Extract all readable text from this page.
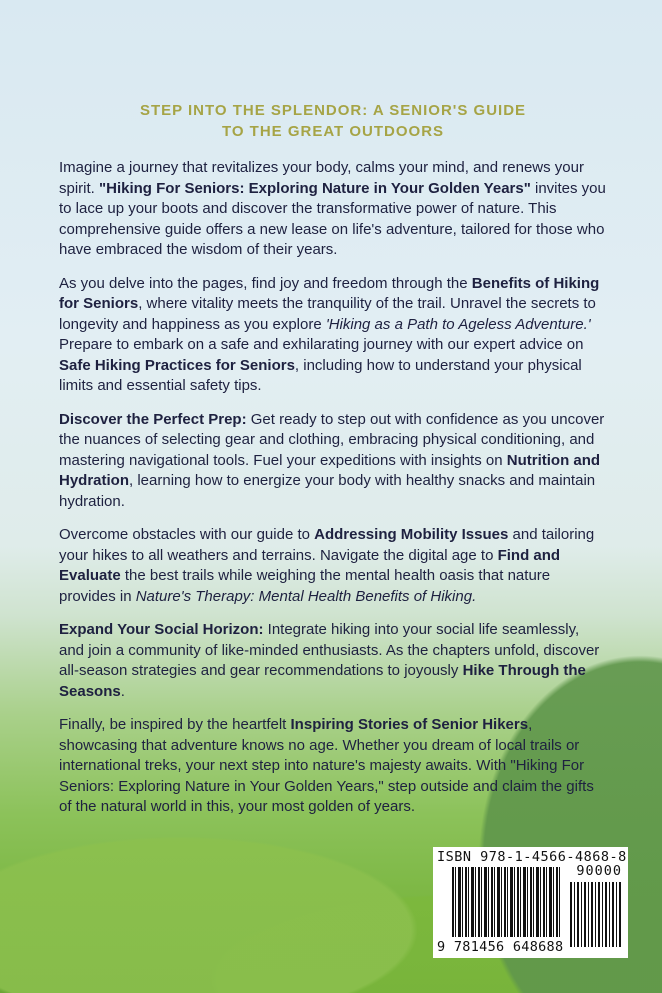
STEP INTO THE SPLENDOR: A SENIOR'S GUIDE
TO THE GREAT OUTDOORS

Imagine a journey that revitalizes your body, calms your mind, and renews your spirit. "Hiking For Seniors: Exploring Nature in Your Golden Years" invites you to lace up your boots and discover the transformative power of nature. This comprehensive guide offers a new lease on life's adventure, tailored for those who have embraced the wisdom of their years.

As you delve into the pages, find joy and freedom through the Benefits of Hiking for Seniors, where vitality meets the tranquility of the trail. Unravel the secrets to longevity and happiness as you explore 'Hiking as a Path to Ageless Adventure.' Prepare to embark on a safe and exhilarating journey with our expert advice on Safe Hiking Practices for Seniors, including how to understand your physical limits and essential safety tips.

Discover the Perfect Prep: Get ready to step out with confidence as you uncover the nuances of selecting gear and clothing, embracing physical conditioning, and mastering navigational tools. Fuel your expeditions with insights on Nutrition and Hydration, learning how to energize your body with healthy snacks and maintain hydration.

Overcome obstacles with our guide to Addressing Mobility Issues and tailoring your hikes to all weathers and terrains. Navigate the digital age to Find and Evaluate the best trails while weighing the mental health oasis that nature provides in Nature's Therapy: Mental Health Benefits of Hiking.

Expand Your Social Horizon: Integrate hiking into your social life seamlessly, and join a community of like-minded enthusiasts. As the chapters unfold, discover all-season strategies and gear recommendations to joyously Hike Through the Seasons.

Finally, be inspired by the heartfelt Inspiring Stories of Senior Hikers, showcasing that adventure knows no age. Whether you dream of local trails or international treks, your next step into nature's majesty awaits. With "Hiking For Seniors: Exploring Nature in Your Golden Years," step outside and claim the gifts of the natural world in this, your most golden of years.

ISBN 978-1-4566-4868-8
90000
9 781456 648688
